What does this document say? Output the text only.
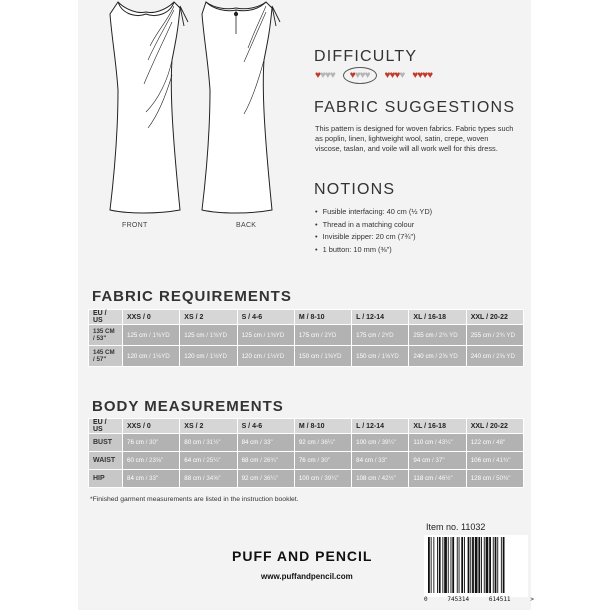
FRONT	BACK
DIFFICULTY
♥♥♥♥ ♥♥♥♥ ♥♥♥♥ ♥♥♥♥
FABRIC SUGGESTIONS

This pattern is designed for woven fabrics. Fabric types such as poplin, linen, lightweight wool, satin, crepe, woven viscose, taslan, and voile will all work well for this dress.

NOTIONS
• Fusible interfacing: 40 cm (½ YD)
• Thread in a matching colour
• Invisible zipper: 20 cm (7¾")
• 1 button: 10 mm (⅜")
FABRIC REQUIREMENTS
EU / US	XXS / 0	XS / 2	S / 4-6	M / 8-10	L / 12-14	XL / 16-18	XXL / 20-22

135 CM
/ 53"	125 cm / 1⅜YD	125 cm / 1⅜YD	125 cm / 1⅜YD	175 cm / 2YD	175 cm / 2YD	255 cm / 2¾ YD	255 cm / 2¾ YD

145 CM
/ 57"	120 cm / 1⅛YD	120 cm / 1⅛YD	120 cm / 1⅛YD	150 cm / 1⅝YD	150 cm / 1⅝YD	240 cm / 2⅝ YD	240 cm / 2⅝ YD
BODY MEASUREMENTS
EU / US	XXS / 0	XS / 2	S / 4-6	M / 8-10	L / 12-14	XL / 16-18	XXL / 20-22
BUST	76 cm / 30"	80 cm / 31½"	84 cm / 33"	92 cm / 36¼"	100 cm / 39¼"	110 cm / 43¼"	122 cm / 48"
WAIST	60 cm / 23⅝"	64 cm / 25¼"	68 cm / 26¾"	76 cm / 30"	84 cm / 33"	94 cm / 37"	106 cm / 41¾"
HIP	84 cm / 33"	88 cm / 34⅝"	92 cm / 36¼"	100 cm / 39¼"	108 cm / 42½"	118 cm / 46½"	128 cm / 50⅜"

*Finished garment measurements are listed in the instruction booklet.

PUFF AND PENCIL
www.puffandpencil.com
Item no. 11032
0	745314	614511	>
